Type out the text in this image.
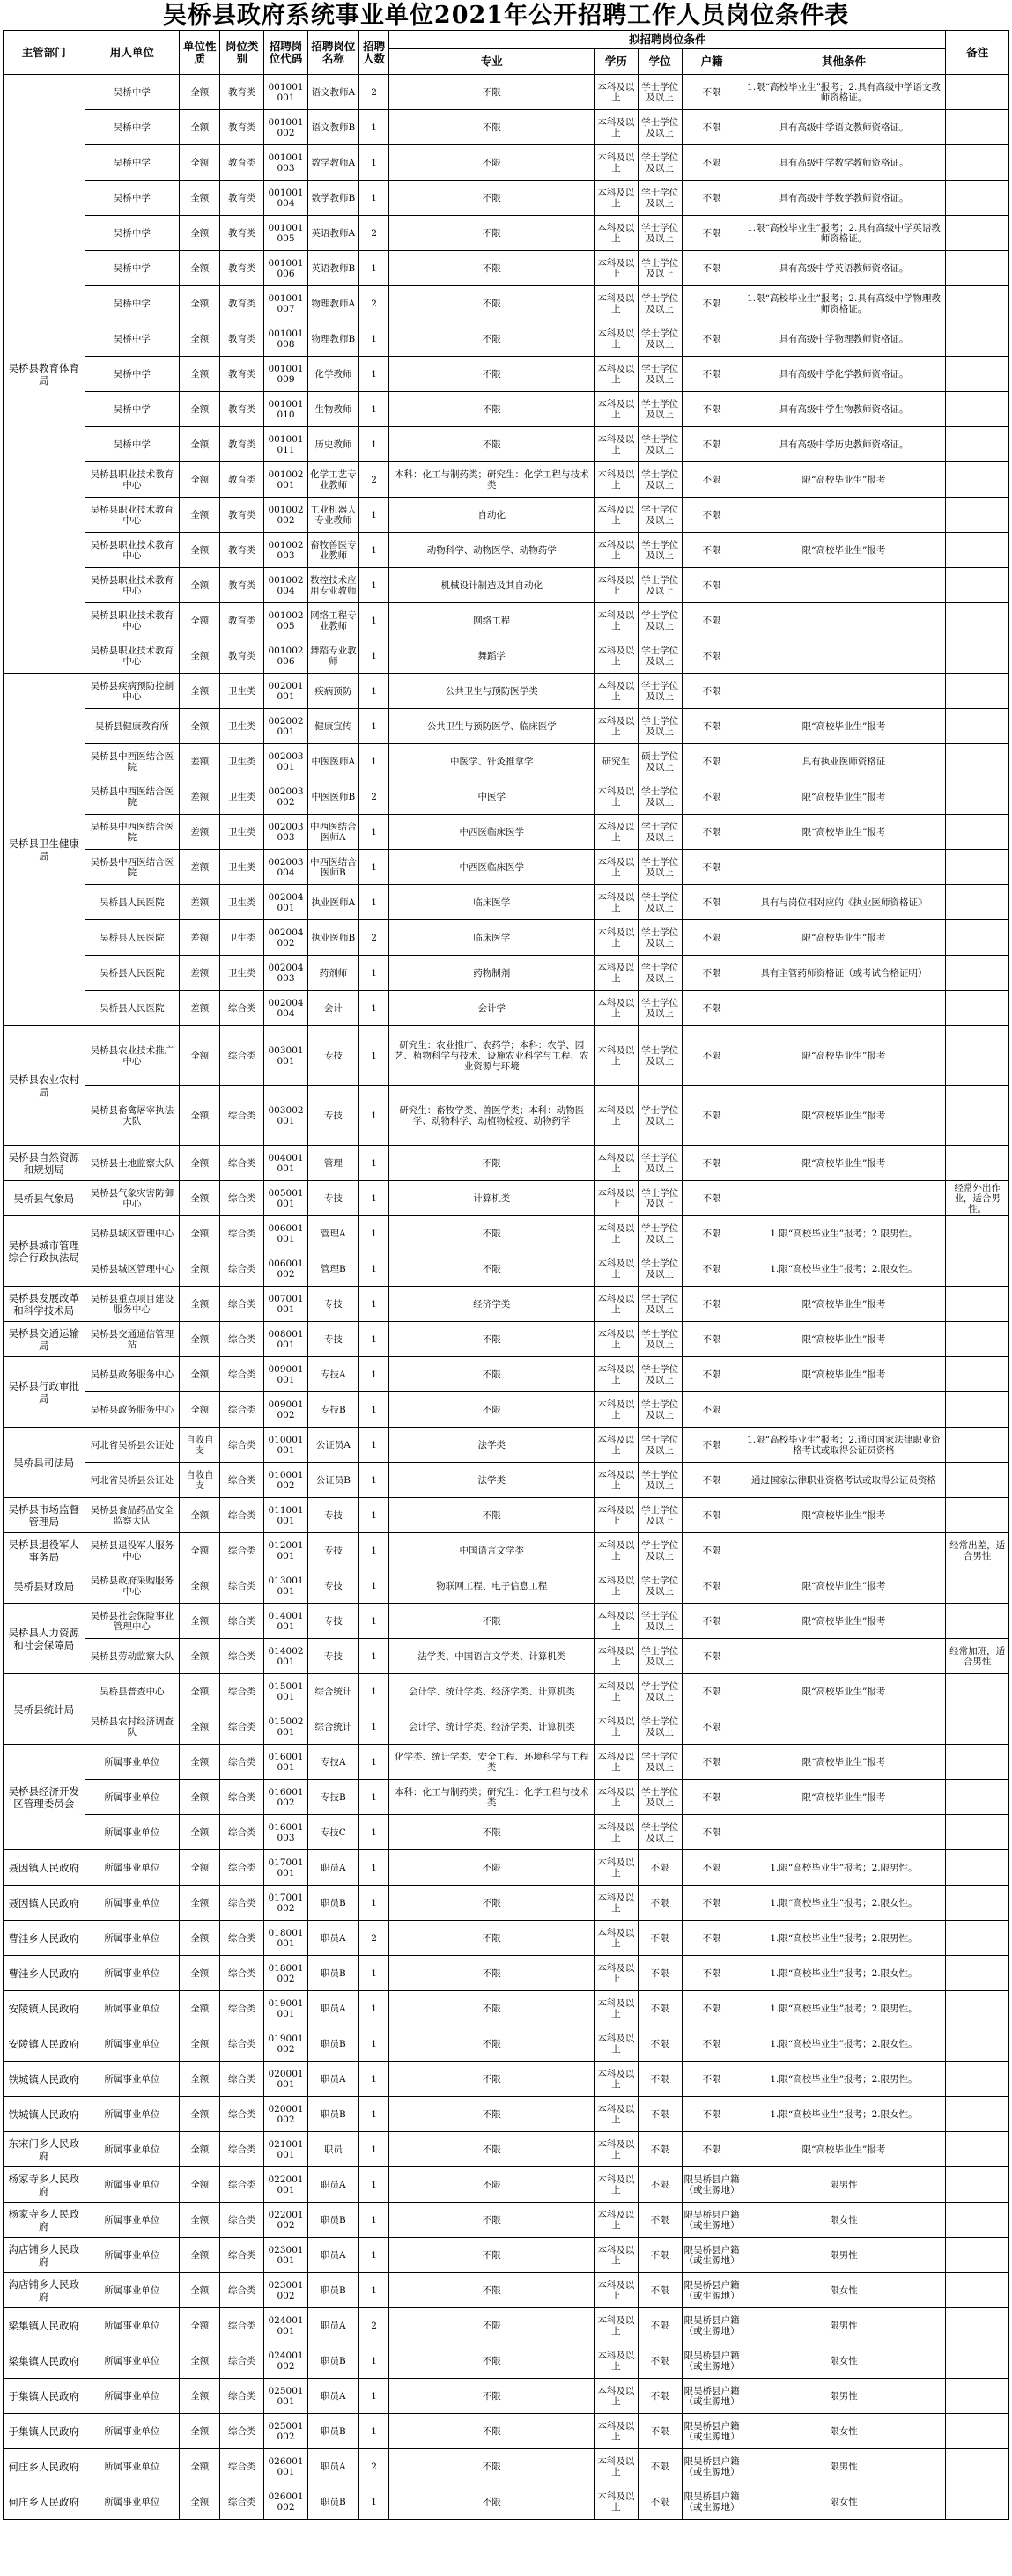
吴桥县政府系统事业单位2021年公开招聘工作人员岗位条件表
主管部门	用人单位	单位性质	岗位类别	招聘岗位代码	招聘岗位名称	招聘人数	拟招聘岗位条件					备注
							专业	学历	学位	户籍	其他条件	
吴桥县教育体育局	吴桥中学	全额	教育类	001001 001	语文教师A	2	不限	本科及以上	学士学位及以上	不限	1.限“高校毕业生”报考；2.具有高级中学语文教师资格证。	
	吴桥中学	全额	教育类	001001 002	语文教师B	1	不限	本科及以上	学士学位及以上	不限	具有高级中学语文教师资格证。	
	吴桥中学	全额	教育类	001001 003	数学教师A	1	不限	本科及以上	学士学位及以上	不限	具有高级中学数学教师资格证。	
	吴桥中学	全额	教育类	001001 004	数学教师B	1	不限	本科及以上	学士学位及以上	不限	具有高级中学数学教师资格证。	
	吴桥中学	全额	教育类	001001 005	英语教师A	2	不限	本科及以上	学士学位及以上	不限	1.限“高校毕业生”报考；2.具有高级中学英语教师资格证。	
	吴桥中学	全额	教育类	001001 006	英语教师B	1	不限	本科及以上	学士学位及以上	不限	具有高级中学英语教师资格证。	
	吴桥中学	全额	教育类	001001 007	物理教师A	2	不限	本科及以上	学士学位及以上	不限	1.限“高校毕业生”报考；2.具有高级中学物理教师资格证。	
	吴桥中学	全额	教育类	001001 008	物理教师B	1	不限	本科及以上	学士学位及以上	不限	具有高级中学物理教师资格证。	
	吴桥中学	全额	教育类	001001 009	化学教师	1	不限	本科及以上	学士学位及以上	不限	具有高级中学化学教师资格证。	
	吴桥中学	全额	教育类	001001 010	生物教师	1	不限	本科及以上	学士学位及以上	不限	具有高级中学生物教师资格证。	
	吴桥中学	全额	教育类	001001 011	历史教师	1	不限	本科及以上	学士学位及以上	不限	具有高级中学历史教师资格证。	
	吴桥县职业技术教育中心	全额	教育类	001002 001	化学工艺专业教师	2	本科：化工与制药类；研究生：化学工程与技术类	本科及以上	学士学位及以上	不限	限“高校毕业生”报考	
	吴桥县职业技术教育中心	全额	教育类	001002 002	工业机器人专业教师	1	自动化	本科及以上	学士学位及以上	不限		
	吴桥县职业技术教育中心	全额	教育类	001002 003	畜牧兽医专业教师	1	动物科学、动物医学、动物药学	本科及以上	学士学位及以上	不限	限“高校毕业生”报考	
	吴桥县职业技术教育中心	全额	教育类	001002 004	数控技术应用专业教师	1	机械设计制造及其自动化	本科及以上	学士学位及以上	不限		
	吴桥县职业技术教育中心	全额	教育类	001002 005	网络工程专业教师	1	网络工程	本科及以上	学士学位及以上	不限		
	吴桥县职业技术教育中心	全额	教育类	001002 006	舞蹈专业教师	1	舞蹈学	本科及以上	学士学位及以上	不限		
吴桥县卫生健康局	吴桥县疾病预防控制中心	全额	卫生类	002001 001	疾病预防	1	公共卫生与预防医学类	本科及以上	学士学位及以上	不限		
	吴桥县健康教育所	全额	卫生类	002002 001	健康宣传	1	公共卫生与预防医学、临床医学	本科及以上	学士学位及以上	不限	限“高校毕业生”报考	
	吴桥县中西医结合医院	差额	卫生类	002003 001	中医医师A	1	中医学、针灸推拿学	研究生	硕士学位及以上	不限	具有执业医师资格证	
	吴桥县中西医结合医院	差额	卫生类	002003 002	中医医师B	2	中医学	本科及以上	学士学位及以上	不限	限“高校毕业生”报考	
	吴桥县中西医结合医院	差额	卫生类	002003 003	中西医结合医师A	1	中西医临床医学	本科及以上	学士学位及以上	不限	限“高校毕业生”报考	
	吴桥县中西医结合医院	差额	卫生类	002003 004	中西医结合医师B	1	中西医临床医学	本科及以上	学士学位及以上	不限		
	吴桥县人民医院	差额	卫生类	002004 001	执业医师A	1	临床医学	本科及以上	学士学位及以上	不限	具有与岗位相对应的《执业医师资格证》	
	吴桥县人民医院	差额	卫生类	002004 002	执业医师B	2	临床医学	本科及以上	学士学位及以上	不限	限“高校毕业生”报考	
	吴桥县人民医院	差额	卫生类	002004 003	药剂师	1	药物制剂	本科及以上	学士学位及以上	不限	具有主管药师资格证（或考试合格证明）	
	吴桥县人民医院	差额	综合类	002004 004	会计	1	会计学	本科及以上	学士学位及以上	不限		
吴桥县农业农村局	吴桥县农业技术推广中心	全额	综合类	003001 001	专技	1	研究生：农业推广、农药学；本科：农学、园艺、植物科学与技术、设施农业科学与工程、农业资源与环境	本科及以上	学士学位及以上	不限	限“高校毕业生”报考	
	吴桥县畜禽屠宰执法大队	全额	综合类	003002 001	专技	1	研究生：畜牧学类、兽医学类；本科：动物医学、动物科学、动植物检疫、动物药学	本科及以上	学士学位及以上	不限	限“高校毕业生”报考	
吴桥县自然资源和规划局	吴桥县土地监察大队	全额	综合类	004001 001	管理	1	不限	本科及以上	学士学位及以上	不限	限“高校毕业生”报考	
吴桥县气象局	吴桥县气象灾害防御中心	全额	综合类	005001 001	专技	1	计算机类	本科及以上	学士学位及以上	不限		经常外出作业，适合男性。
吴桥县城市管理综合行政执法局	吴桥县城区管理中心	全额	综合类	006001 001	管理A	1	不限	本科及以上	学士学位及以上	不限	1.限“高校毕业生”报考；2.限男性。	
	吴桥县城区管理中心	全额	综合类	006001 002	管理B	1	不限	本科及以上	学士学位及以上	不限	1.限“高校毕业生”报考；2.限女性。	
吴桥县发展改革和科学技术局	吴桥县重点项目建设服务中心	全额	综合类	007001 001	专技	1	经济学类	本科及以上	学士学位及以上	不限	限“高校毕业生”报考	
吴桥县交通运输局	吴桥县交通通信管理站	全额	综合类	008001 001	专技	1	不限	本科及以上	学士学位及以上	不限	限“高校毕业生”报考	
吴桥县行政审批局	吴桥县政务服务中心	全额	综合类	009001 001	专技A	1	不限	本科及以上	学士学位及以上	不限	限“高校毕业生”报考	
	吴桥县政务服务中心	全额	综合类	009001 002	专技B	1	不限	本科及以上	学士学位及以上	不限		
吴桥县司法局	河北省吴桥县公证处	自收自支	综合类	010001 001	公证员A	1	法学类	本科及以上	学士学位及以上	不限	1.限“高校毕业生”报考；2.通过国家法律职业资格考试或取得公证员资格	
	河北省吴桥县公证处	自收自支	综合类	010001 002	公证员B	1	法学类	本科及以上	学士学位及以上	不限	通过国家法律职业资格考试或取得公证员资格	
吴桥县市场监督管理局	吴桥县食品药品安全监察大队	全额	综合类	011001 001	专技	1	不限	本科及以上	学士学位及以上	不限	限“高校毕业生”报考	
吴桥县退役军人事务局	吴桥县退役军人服务中心	全额	综合类	012001 001	专技	1	中国语言文学类	本科及以上	学士学位及以上	不限		经常出差，适合男性
吴桥县财政局	吴桥县政府采购服务中心	全额	综合类	013001 001	专技	1	物联网工程、电子信息工程	本科及以上	学士学位及以上	不限	限“高校毕业生”报考	
吴桥县人力资源和社会保障局	吴桥县社会保险事业管理中心	全额	综合类	014001 001	专技	1	不限	本科及以上	学士学位及以上	不限	限“高校毕业生”报考	
	吴桥县劳动监察大队	全额	综合类	014002 001	专技	1	法学类、中国语言文学类、计算机类	本科及以上	学士学位及以上	不限		经常加班，适合男性
吴桥县统计局	吴桥县普查中心	全额	综合类	015001 001	综合统计	1	会计学、统计学类、经济学类、计算机类	本科及以上	学士学位及以上	不限	限“高校毕业生”报考	
	吴桥县农村经济调查队	全额	综合类	015002 001	综合统计	1	会计学、统计学类、经济学类、计算机类	本科及以上	学士学位及以上	不限		
吴桥县经济开发区管理委员会	所属事业单位	全额	综合类	016001 001	专技A	1	化学类、统计学类、安全工程、环境科学与工程类	本科及以上	学士学位及以上	不限	限“高校毕业生”报考	
	所属事业单位	全额	综合类	016001 002	专技B	1	本科：化工与制药类；研究生：化学工程与技术类	本科及以上	学士学位及以上	不限	限“高校毕业生”报考	
	所属事业单位	全额	综合类	016001 003	专技C	1	不限	本科及以上	学士学位及以上	不限		
聂因镇人民政府	所属事业单位	全额	综合类	017001 001	职员A	1	不限	本科及以上	不限	不限	1.限“高校毕业生”报考；2.限男性。	
聂因镇人民政府	所属事业单位	全额	综合类	017001 002	职员B	1	不限	本科及以上	不限	不限	1.限“高校毕业生”报考；2.限女性。	
曹洼乡人民政府	所属事业单位	全额	综合类	018001 001	职员A	2	不限	本科及以上	不限	不限	1.限“高校毕业生”报考；2.限男性。	
曹洼乡人民政府	所属事业单位	全额	综合类	018001 002	职员B	1	不限	本科及以上	不限	不限	1.限“高校毕业生”报考；2.限女性。	
安陵镇人民政府	所属事业单位	全额	综合类	019001 001	职员A	1	不限	本科及以上	不限	不限	1.限“高校毕业生”报考；2.限男性。	
安陵镇人民政府	所属事业单位	全额	综合类	019001 002	职员B	1	不限	本科及以上	不限	不限	1.限“高校毕业生”报考；2.限女性。	
铁城镇人民政府	所属事业单位	全额	综合类	020001 001	职员A	1	不限	本科及以上	不限	不限	1.限“高校毕业生”报考；2.限男性。	
铁城镇人民政府	所属事业单位	全额	综合类	020001 002	职员B	1	不限	本科及以上	不限	不限	1.限“高校毕业生”报考；2.限女性。	
东宋门乡人民政府	所属事业单位	全额	综合类	021001 001	职员	1	不限	本科及以上	不限	不限	限“高校毕业生”报考	
杨家寺乡人民政府	所属事业单位	全额	综合类	022001 001	职员A	1	不限	本科及以上	不限	限吴桥县户籍（或生源地）	限男性	
杨家寺乡人民政府	所属事业单位	全额	综合类	022001 002	职员B	1	不限	本科及以上	不限	限吴桥县户籍（或生源地）	限女性	
沟店铺乡人民政府	所属事业单位	全额	综合类	023001 001	职员A	1	不限	本科及以上	不限	限吴桥县户籍（或生源地）	限男性	
沟店铺乡人民政府	所属事业单位	全额	综合类	023001 002	职员B	1	不限	本科及以上	不限	限吴桥县户籍（或生源地）	限女性	
梁集镇人民政府	所属事业单位	全额	综合类	024001 001	职员A	2	不限	本科及以上	不限	限吴桥县户籍（或生源地）	限男性	
梁集镇人民政府	所属事业单位	全额	综合类	024001 002	职员B	1	不限	本科及以上	不限	限吴桥县户籍（或生源地）	限女性	
于集镇人民政府	所属事业单位	全额	综合类	025001 001	职员A	1	不限	本科及以上	不限	限吴桥县户籍（或生源地）	限男性	
于集镇人民政府	所属事业单位	全额	综合类	025001 002	职员B	1	不限	本科及以上	不限	限吴桥县户籍（或生源地）	限女性	
何庄乡人民政府	所属事业单位	全额	综合类	026001 001	职员A	2	不限	本科及以上	不限	限吴桥县户籍（或生源地）	限男性	
何庄乡人民政府	所属事业单位	全额	综合类	026001 002	职员B	1	不限	本科及以上	不限	限吴桥县户籍（或生源地）	限女性	
